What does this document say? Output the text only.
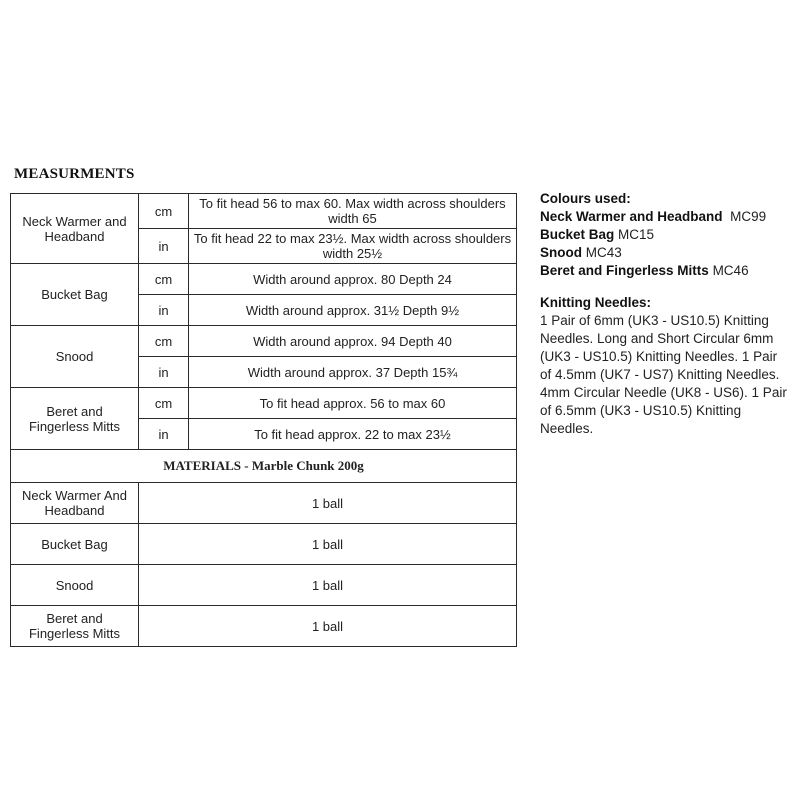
MEASURMENTS
Neck Warmer and Headband	cm	To fit head 56 to max 60. Max width across shoulders width 65
	in	To fit head 22 to max 23½. Max width across shoulders width 25½
Bucket Bag	cm	Width around approx. 80 Depth 24
	in	Width around approx. 31½ Depth 9½
Snood	cm	Width around approx. 94 Depth 40
	in	Width around approx. 37 Depth 15¾
Beret and Fingerless Mitts	cm	To fit head approx. 56 to max 60
	in	To fit head approx. 22 to max 23½
MATERIALS - Marble Chunk 200g		
Neck Warmer And Headband	1 ball	
Bucket Bag	1 ball	
Snood	1 ball	
Beret and Fingerless Mitts	1 ball	

Colours used:

Neck Warmer and Headband MC99

Bucket Bag MC15

Snood MC43

Beret and Fingerless Mitts MC46

Knitting Needles:

1 Pair of 6mm (UK3 - US10.5) Knitting Needles. Long and Short Circular 6mm (UK3 - US10.5) Knitting Needles. 1 Pair of 4.5mm (UK7 - US7) Knitting Needles. 4mm Circular Needle (UK8 - US6). 1 Pair of 6.5mm (UK3 - US10.5) Knitting Needles.
